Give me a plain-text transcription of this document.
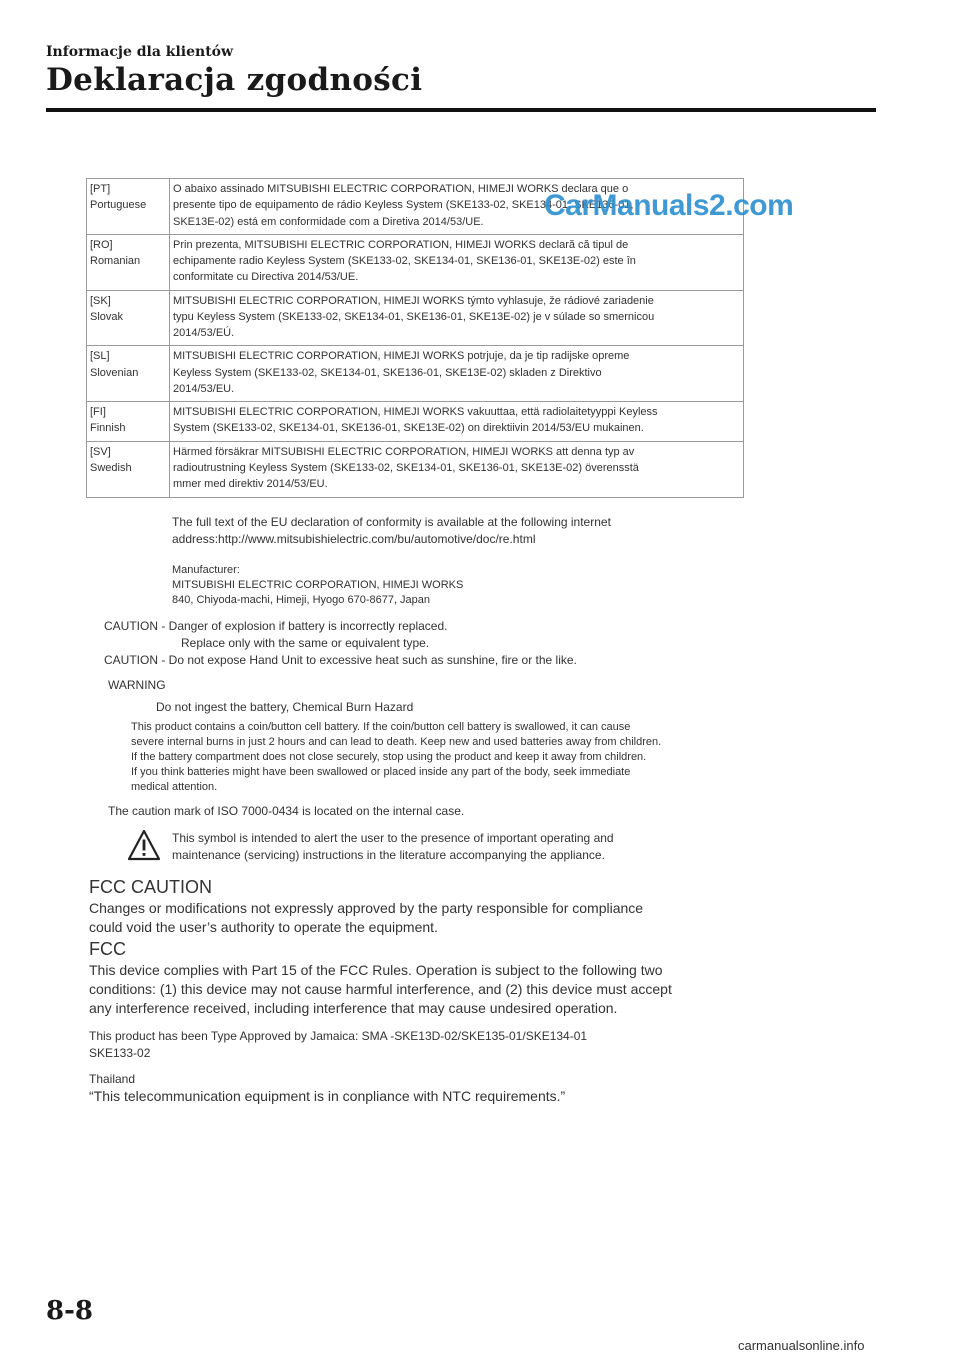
Informacje dla klientów
Deklaracja zgodności
[PT]
Portuguese	O abaixo assinado MITSUBISHI ELECTRIC CORPORATION, HIMEJI WORKS declara que o
presente tipo de equipamento de rádio Keyless System (SKE133-02, SKE134-01, SKE136-01,
SKE13E-02) está em conformidade com a Diretiva 2014/53/UE.

[RO]
Romanian	Prin prezenta, MITSUBISHI ELECTRIC CORPORATION, HIMEJI WORKS declară că tipul de
echipamente radio Keyless System (SKE133-02, SKE134-01, SKE136-01, SKE13E-02) este în
conformitate cu Directiva 2014/53/UE.

[SK]
Slovak	MITSUBISHI ELECTRIC CORPORATION, HIMEJI WORKS týmto vyhlasuje, že rádiové zariadenie
typu Keyless System (SKE133-02, SKE134-01, SKE136-01, SKE13E-02) je v súlade so smernicou
2014/53/EÚ.

[SL]
Slovenian	MITSUBISHI ELECTRIC CORPORATION, HIMEJI WORKS potrjuje, da je tip radijske opreme
Keyless System (SKE133-02, SKE134-01, SKE136-01, SKE13E-02) skladen z Direktivo
2014/53/EU.

[FI]
Finnish	MITSUBISHI ELECTRIC CORPORATION, HIMEJI WORKS vakuuttaa, että radiolaitetyyppi Keyless
System (SKE133-02, SKE134-01, SKE136-01, SKE13E-02) on direktiivin 2014/53/EU mukainen.

[SV]
Swedish	Härmed försäkrar MITSUBISHI ELECTRIC CORPORATION, HIMEJI WORKS att denna typ av
radioutrustning Keyless System (SKE133-02, SKE134-01, SKE136-01, SKE13E-02) överensstä
mmer med direktiv 2014/53/EU.
CarManuals2.com
The full text of the EU declaration of conformity is available at the following internet
address:http://www.mitsubishielectric.com/bu/automotive/doc/re.html
Manufacturer:
MITSUBISHI ELECTRIC CORPORATION, HIMEJI WORKS
840, Chiyoda-machi, Himeji, Hyogo 670-8677, Japan
CAUTION - Danger of explosion if battery is incorrectly replaced.
Replace only with the same or equivalent type.
CAUTION - Do not expose Hand Unit to excessive heat such as sunshine, fire or the like.
WARNING
Do not ingest the battery, Chemical Burn Hazard
This product contains a coin/button cell battery. If the coin/button cell battery is swallowed, it can cause
severe internal burns in just 2 hours and can lead to death. Keep new and used batteries away from children.
If the battery compartment does not close securely, stop using the product and keep it away from children.
If you think batteries might have been swallowed or placed inside any part of the body, seek immediate
medical attention.
The caution mark of ISO 7000-0434 is located on the internal case.
This symbol is intended to alert the user to the presence of important operating and
maintenance (servicing) instructions in the literature accompanying the appliance.
FCC CAUTION
Changes or modifications not expressly approved by the party responsible for compliance
could void the user’s authority to operate the equipment.
FCC
This device complies with Part 15 of the FCC Rules. Operation is subject to the following two
conditions: (1) this device may not cause harmful interference, and (2) this device must accept
any interference received, including interference that may cause undesired operation.
This product has been Type Approved by Jamaica: SMA -SKE13D-02/SKE135-01/SKE134-01
SKE133-02
Thailand
“This telecommunication equipment is in conpliance with NTC requirements.”
8-8
carmanualsonline.info
